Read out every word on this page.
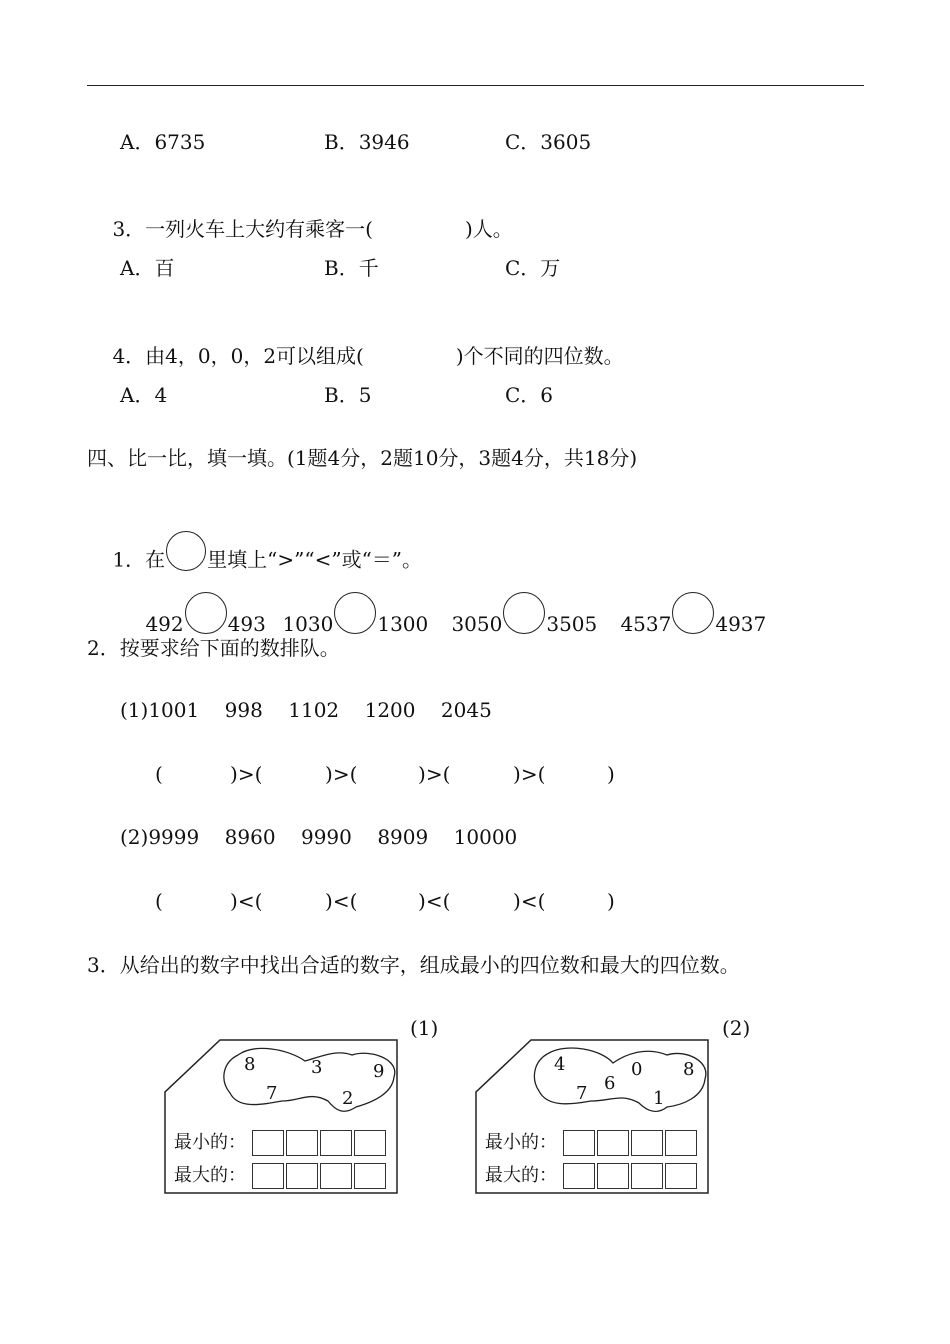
A．6735	B．3946	C．3605

3．一列火车上大约有乘客一(	)人。

A．百	B．千	C．万

4．由4，0，0，2可以组成(	)个不同的四位数。

A．4	B．5	C．6
四、比一比，填一填。(1题4分，2题10分，3题4分，共18分)

1．在 里填上“>”“<”或“＝”。

492 493
1030 1300
	3050 3505
	4537 4937

2．按要求给下面的数排队。
(1)1001    998    1102    1200    2045
(	)>(	)>(	)>(	)>(	)
(2)9999    8960    9990    8909    10000
(	)<(	)<(	)<(	)<(	)
3．从给出的数字中找出合适的数字，组成最小的四位数和最大的四位数。
(1)
8	3	9
7	2
最小的：
最大的：
(2)
4
6
0 8
7	1
最小的：
最大的：
